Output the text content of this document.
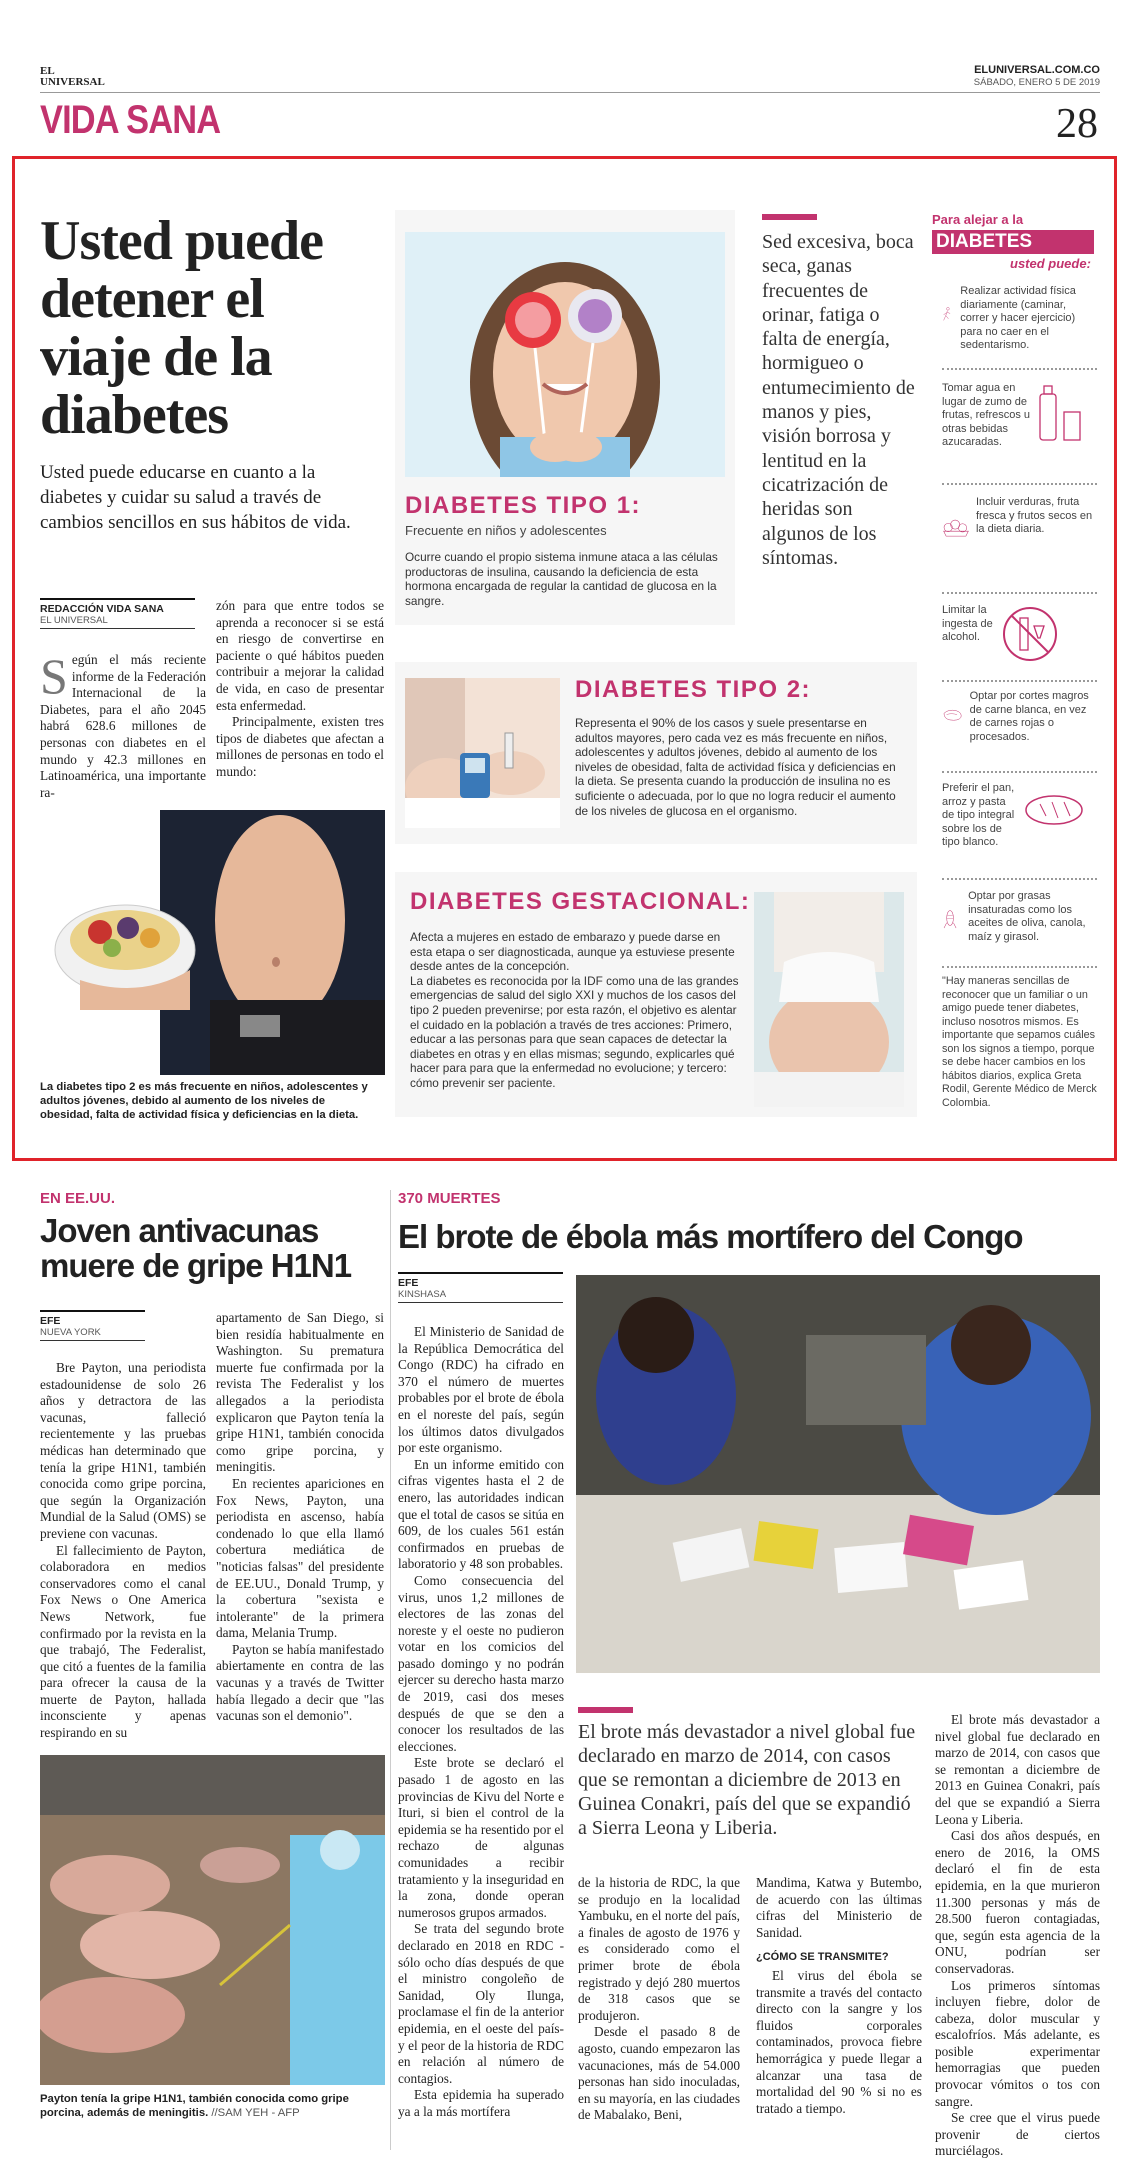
EL
UNIVERSAL
ELUNIVERSAL.COM.CO
SÁBADO, ENERO 5 DE 2019
VIDA SANA	28
Usted puede detener el viaje de la diabetes
Usted puede educarse en cuanto a la diabetes y cuidar su salud a través de cambios sencillos en sus hábitos de vida.
REDACCIÓN VIDA SANA
EL UNIVERSAL
Según el más reciente informe de la Federación Internacional de la Diabetes, para el año 2045 habrá 628.6 millones de personas con diabetes en el mundo y 42.3 millones en Latinoamérica, una importante ra-

zón para que entre todos se aprenda a reconocer si se está en riesgo de convertirse en paciente o qué hábitos pueden contribuir a mejorar la calidad de vida, en caso de presentar esta enfermedad.

Principalmente, existen tres tipos de diabetes que afectan a millones de personas en todo el mundo:

La diabetes tipo 2 es más frecuente en niños, adolescentes y adultos jóvenes, debido al aumento de los niveles de obesidad, falta de actividad física y deficiencias en la dieta.
DIABETES TIPO 1:
Frecuente en niños y adolescentes
Ocurre cuando el propio sistema inmune ataca a las células productoras de insulina, causando la deficiencia de esta hormona encargada de regular la cantidad de glucosa en la sangre.
Sed excesiva, boca seca, ganas frecuentes de orinar, fatiga o falta de energía, hormigueo o entumecimiento de manos y pies, visión borrosa y lentitud en la cicatrización de heridas son algunos de los síntomas.
DIABETES TIPO 2:
Representa el 90% de los casos y suele presentarse en adultos mayores, pero cada vez es más frecuente en niños, adolescentes y adultos jóvenes, debido al aumento de los niveles de obesidad, falta de actividad física y deficiencias en la dieta. Se presenta cuando la producción de insulina no es suficiente o adecuada, por lo que no logra reducir el aumento de los niveles de glucosa en el organismo.
DIABETES GESTACIONAL:
Afecta a mujeres en estado de embarazo y puede darse en esta etapa o ser diagnosticada, aunque ya estuviese presente desde antes de la concepción.
La diabetes es reconocida por la IDF como una de las grandes emergencias de salud del siglo XXI y muchos de los casos del tipo 2 pueden prevenirse; por esta razón, el objetivo es alentar el cuidado en la población a través de tres acciones: Primero, educar a las personas para que sean capaces de detectar la diabetes en otras y en ellas mismas; segundo, explicarles qué hacer para para que la enfermedad no evolucione; y tercero: cómo prevenir ser paciente.
Para alejar a la
DIABETES
usted puede:
Realizar actividad física diariamente (caminar, correr y hacer ejercicio) para no caer en el sedentarismo.
Tomar agua en lugar de zumo de frutas, refrescos u otras bebidas azucaradas.
Incluir verduras, fruta fresca y frutos secos en la dieta diaria.
Limitar la ingesta de alcohol.
Optar por cortes magros de carne blanca, en vez de carnes rojas o procesados.
Preferir el pan, arroz y pasta de tipo integral sobre los de tipo blanco.
Optar por grasas insaturadas como los aceites de oliva, canola, maíz y girasol.
"Hay maneras sencillas de reconocer que un familiar o un amigo puede tener diabetes, incluso nosotros mismos. Es importante que sepamos cuáles son los signos a tiempo, porque se debe hacer cambios en los hábitos diarios, explica Greta Rodil, Gerente Médico de Merck Colombia.
EN EE.UU.
Joven antivacunas muere de gripe H1N1
EFE
NUEVA YORK

Bre Payton, una periodista estadounidense de solo 26 años y detractora de las vacunas, falleció recientemente y las pruebas médicas han determinado que tenía la gripe H1N1, también conocida como gripe porcina, que según la Organización Mundial de la Salud (OMS) se previene con vacunas.

El fallecimiento de Payton, colaboradora en medios conservadores como el canal Fox News o One America News Network, fue confirmado por la revista en la que trabajó, The Federalist, que citó a fuentes de la familia para ofrecer la causa de la muerte de Payton, hallada inconsciente y apenas respirando en su

apartamento de San Diego, si bien residía habitualmente en Washington. Su prematura muerte fue confirmada por la revista The Federalist y los allegados a la periodista explicaron que Payton tenía la gripe H1N1, también conocida como gripe porcina, y meningitis.

En recientes apariciones en Fox News, Payton, una periodista en ascenso, había condenado lo que ella llamó cobertura mediática de "noticias falsas" del presidente de EE.UU., Donald Trump, y la cobertura "sexista e intolerante" de la primera dama, Melania Trump.

Payton se había manifestado abiertamente en contra de las vacunas y a través de Twitter había llegado a decir que "las vacunas son el demonio".

Payton tenía la gripe H1N1, también conocida como gripe porcina, además de meningitis. //SAM YEH - AFP
370 MUERTES
El brote de ébola más mortífero del Congo
EFE
KINSHASA

El Ministerio de Sanidad de la República Democrática del Congo (RDC) ha cifrado en 370 el número de muertes probables por el brote de ébola en el noreste del país, según los últimos datos divulgados por este organismo.

En un informe emitido con cifras vigentes hasta el 2 de enero, las autoridades indican que el total de casos se sitúa en 609, de los cuales 561 están confirmados en pruebas de laboratorio y 48 son probables.

Como consecuencia del virus, unos 1,2 millones de electores de las zonas del noreste y el oeste no pudieron votar en los comicios del pasado domingo y no podrán ejercer su derecho hasta marzo de 2019, casi dos meses después de que se den a conocer los resultados de las elecciones.

Este brote se declaró el pasado 1 de agosto en las provincias de Kivu del Norte e Ituri, si bien el control de la epidemia se ha resentido por el rechazo de algunas comunidades a recibir tratamiento y la inseguridad en la zona, donde operan numerosos grupos armados.

Se trata del segundo brote declarado en 2018 en RDC - sólo ocho días después de que el ministro congoleño de Sanidad, Oly Ilunga, proclamase el fin de la anterior epidemia, en el oeste del país- y el peor de la historia de RDC en relación al número de contagios.

Esta epidemia ha superado ya a la más mortífera

El brote más devastador a nivel global fue declarado en marzo de 2014, con casos que se remontan a diciembre de 2013 en Guinea Conakri, país del que se expandió a Sierra Leona y Liberia.

de la historia de RDC, la que se produjo en la localidad Yambuku, en el norte del país, a finales de agosto de 1976 y es considerado como el primer brote de ébola registrado y dejó 280 muertos de 318 casos que se produjeron.

Desde el pasado 8 de agosto, cuando empezaron las vacunaciones, más de 54.000 personas han sido inoculadas, en su mayoría, en las ciudades de Mabalako, Beni,

Mandima, Katwa y Butembo, de acuerdo con las últimas cifras del Ministerio de Sanidad.

¿CÓMO SE TRANSMITE?

El virus del ébola se transmite a través del contacto directo con la sangre y los fluidos corporales contaminados, provoca fiebre hemorrágica y puede llegar a alcanzar una tasa de mortalidad del 90 % si no es tratado a tiempo.

El brote más devastador a nivel global fue declarado en marzo de 2014, con casos que se remontan a diciembre de 2013 en Guinea Conakri, país del que se expandió a Sierra Leona y Liberia.

Casi dos años después, en enero de 2016, la OMS declaró el fin de esta epidemia, en la que murieron 11.300 personas y más de 28.500 fueron contagiadas, que, según esta agencia de la ONU, podrían ser conservadoras.

Los primeros síntomas incluyen fiebre, dolor de cabeza, dolor muscular y escalofríos. Más adelante, es posible experimentar hemorragias que pueden provocar vómitos o tos con sangre.

Se cree que el virus puede provenir de ciertos murciélagos.
